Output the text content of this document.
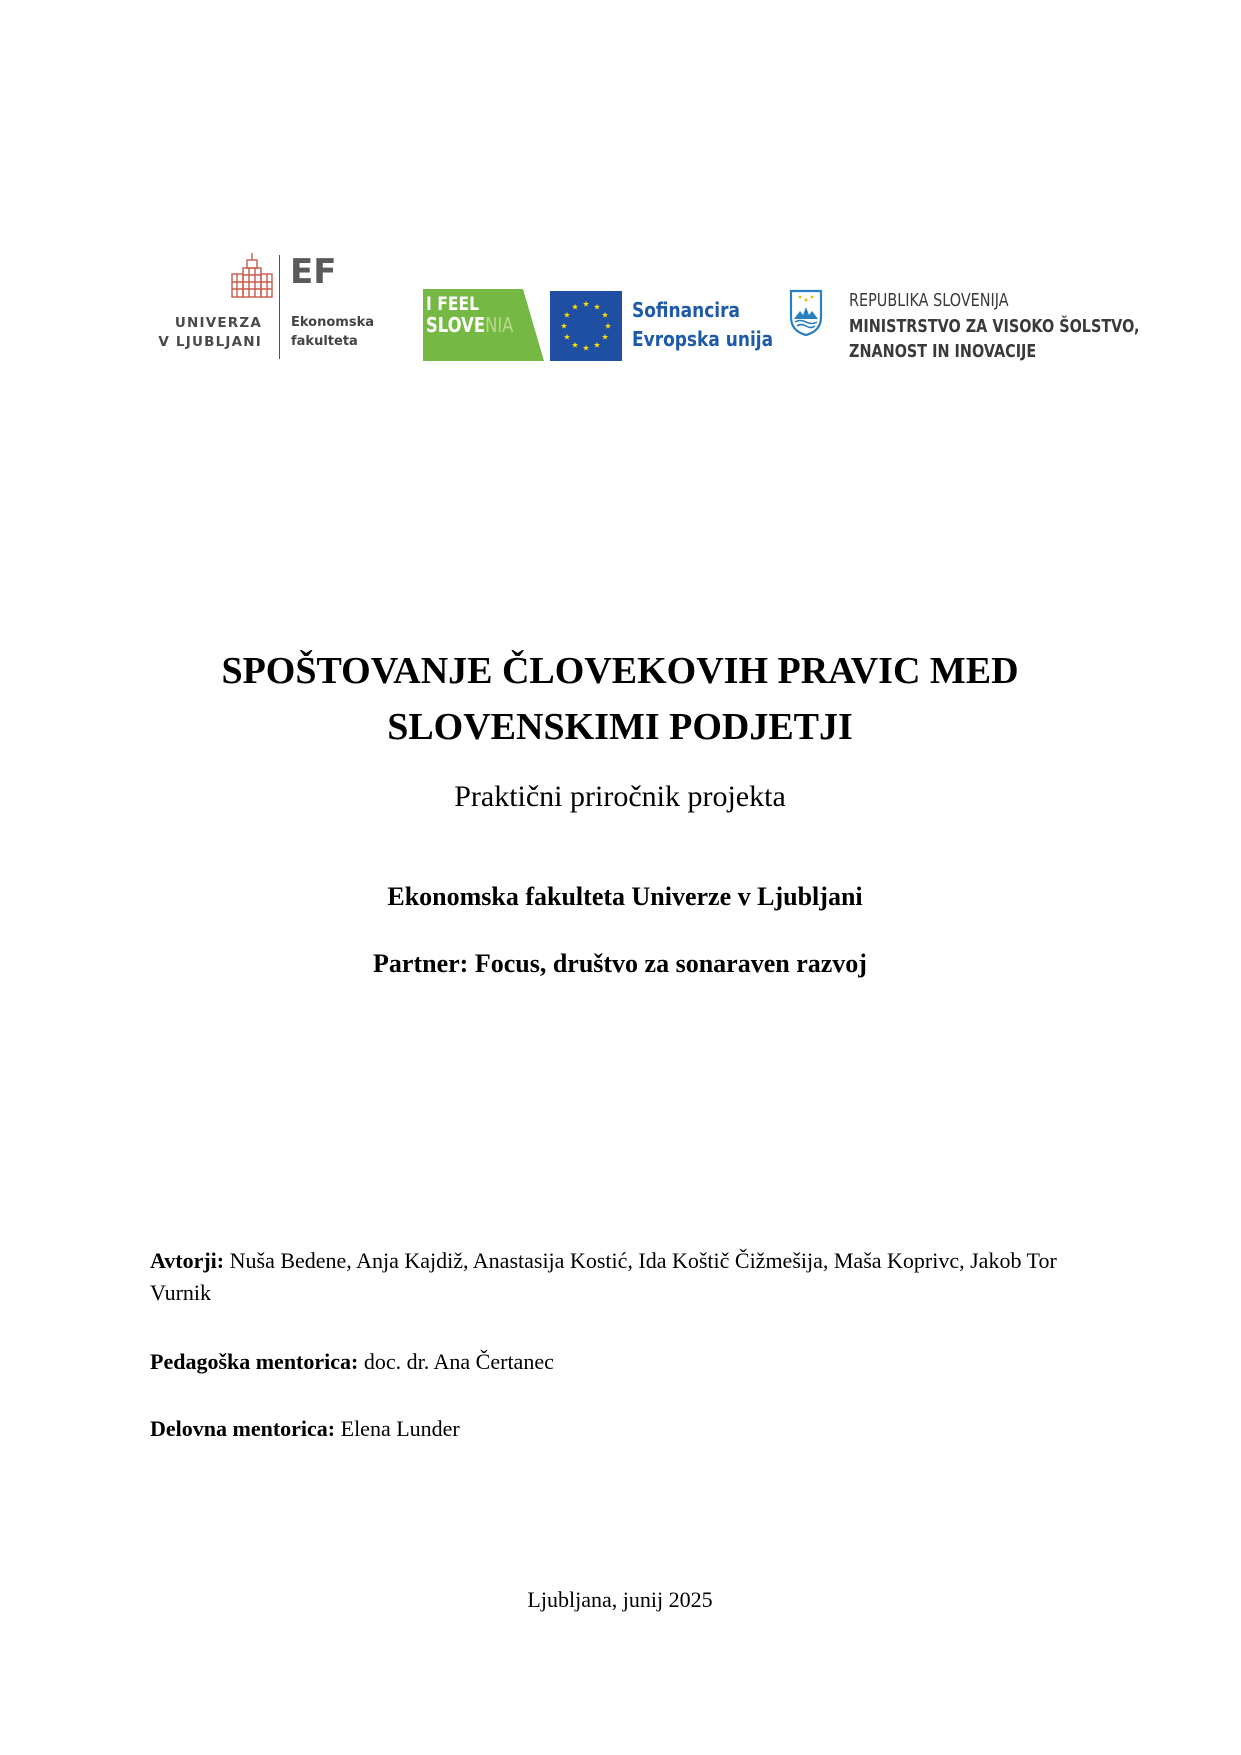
UNIVERZA
V LJUBLJANI
EF
Ekonomska
fakulteta
I FEEL
SLOVENIA
Sofinancira
Evropska unija
REPUBLIKA SLOVENIJA
MINISTRSTVO ZA VISOKO ŠOLSTVO,
ZNANOST IN INOVACIJE
SPOŠTOVANJE ČLOVEKOVIH PRAVIC MED
SLOVENSKIMI PODJETJI

Praktični priročnik projekta

Ekonomska fakulteta Univerze v Ljubljani

Partner: Focus, društvo za sonaraven razvoj

Avtorji: Nuša Bedene, Anja Kajdiž, Anastasija Kostić, Ida Koštič Čižmešija, Maša Koprivc, Jakob Tor Vurnik

Pedagoška mentorica: doc. dr. Ana Čertanec

Delovna mentorica: Elena Lunder

Ljubljana, junij 2025
